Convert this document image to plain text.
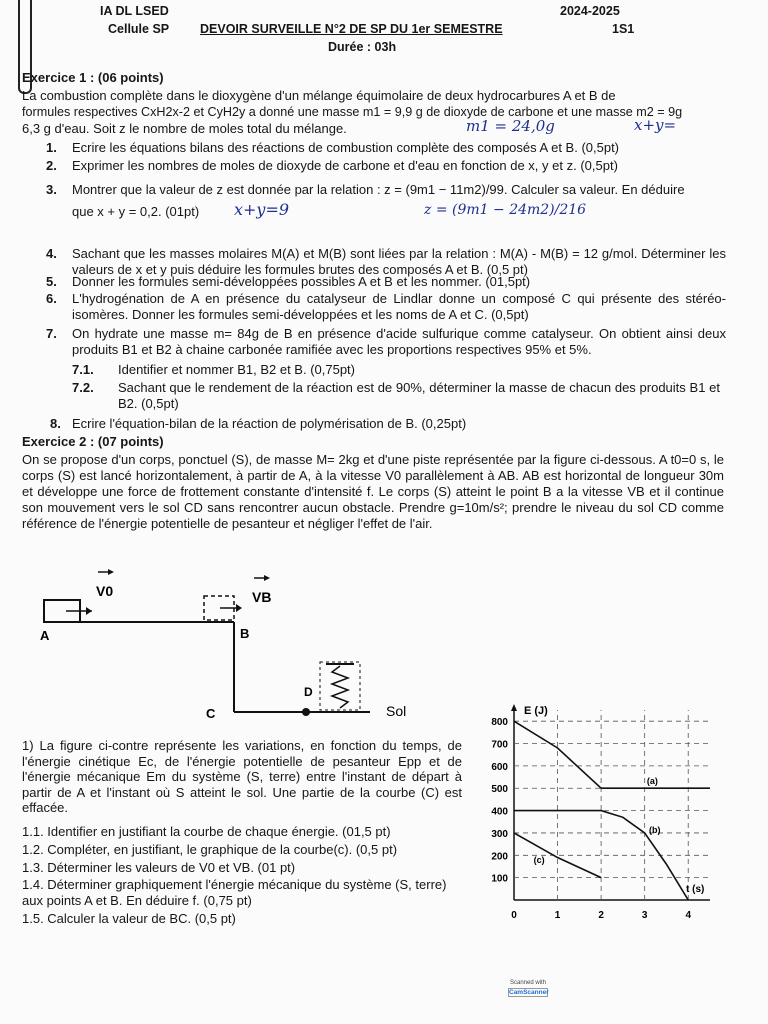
IA DL LSED
Cellule SP DEVOIR SURVEILLE N°2 DE SP DU 1er SEMESTRE
Durée : 03h
2024-2025
1S1
Exercice 1 : (06 points)
La combustion complète dans le dioxygène d'un mélange équimolaire de deux hydrocarbures A et B de
formules respectives CxH2x-2 et CyH2y a donné une masse m1 = 9,9 g de dioxyde de carbone et une masse m2 = 9g
6,3 g d'eau. Soit z le nombre de moles total du mélange.	m1 = 24,0g	x+y=
1. Ecrire les équations bilans des réactions de combustion complète des composés A et B. (0,5pt)
2. Exprimer les nombres de moles de dioxyde de carbone et d'eau en fonction de x, y et z. (0,5pt)
3. Montrer que la valeur de z est donnée par la relation : z = (9m1 − 11m2)/99. Calculer sa valeur. En déduire
que x + y = 0,2. (01pt) x+y=9	z = (9m1 − 24m2)/216
4. Sachant que les masses molaires M(A) et M(B) sont liées par la relation : M(A) - M(B) = 12 g/mol. Déterminer les valeurs de x et y puis déduire les formules brutes des composés A et B. (0,5 pt)
5. Donner les formules semi-développées possibles A et B et les nommer. (01,5pt)
6. L'hydrogénation de A en présence du catalyseur de Lindlar donne un composé C qui présente des stéréo-isomères. Donner les formules semi-développées et les noms de A et C. (0,5pt)
7. On hydrate une masse m= 84g de B en présence d'acide sulfurique comme catalyseur. On obtient ainsi deux produits B1 et B2 à chaine carbonée ramifiée avec les proportions respectives 95% et 5%.
7.1. Identifier et nommer B1, B2 et B. (0,75pt)
7.2. Sachant que le rendement de la réaction est de 90%, déterminer la masse de chacun des produits B1 et B2. (0,5pt)
8. Ecrire l'équation-bilan de la réaction de polymérisation de B. (0,25pt)
Exercice 2 : (07 points)
On se propose d'un corps, ponctuel (S), de masse M= 2kg et d'une piste représentée par la figure ci-dessous. A t0=0 s, le corps (S) est lancé horizontalement, à partir de A, à la vitesse V0 parallèlement à AB. AB est horizontal de longueur 30m et développe une force de frottement constante d'intensité f. Le corps (S) atteint le point B a la vitesse VB et il continue son mouvement vers le sol CD sans rencontrer aucun obstacle. Prendre g=10m/s²; prendre le niveau du sol CD comme référence de l'énergie potentielle de pesanteur et négliger l'effet de l'air.
A	B
C
D
Sol
V0	VB
1) La figure ci-contre représente les variations, en fonction du temps, de l'énergie cinétique Ec, de l'énergie potentielle de pesanteur Epp et de l'énergie mécanique Em du système (S, terre) entre l'instant de départ à partir de A et l'instant où S atteint le sol. Une partie de la courbe (C) est effacée.
1.1. Identifier en justifiant la courbe de chaque énergie. (01,5 pt)
1.2. Compléter, en justifiant, le graphique de la courbe(c). (0,5 pt)
1.3. Déterminer les valeurs de V0 et VB. (01 pt)
1.4. Déterminer graphiquement l'énergie mécanique du système (S, terre) aux points A et B. En déduire f. (0,75 pt)
1.5. Calculer la valeur de BC. (0,5 pt)
E (J)
t (s)
100
200
300
400
500
600
700
800
0	1	2	3	4
(a)
(b)
(c)
Scanned with
CamScanner
